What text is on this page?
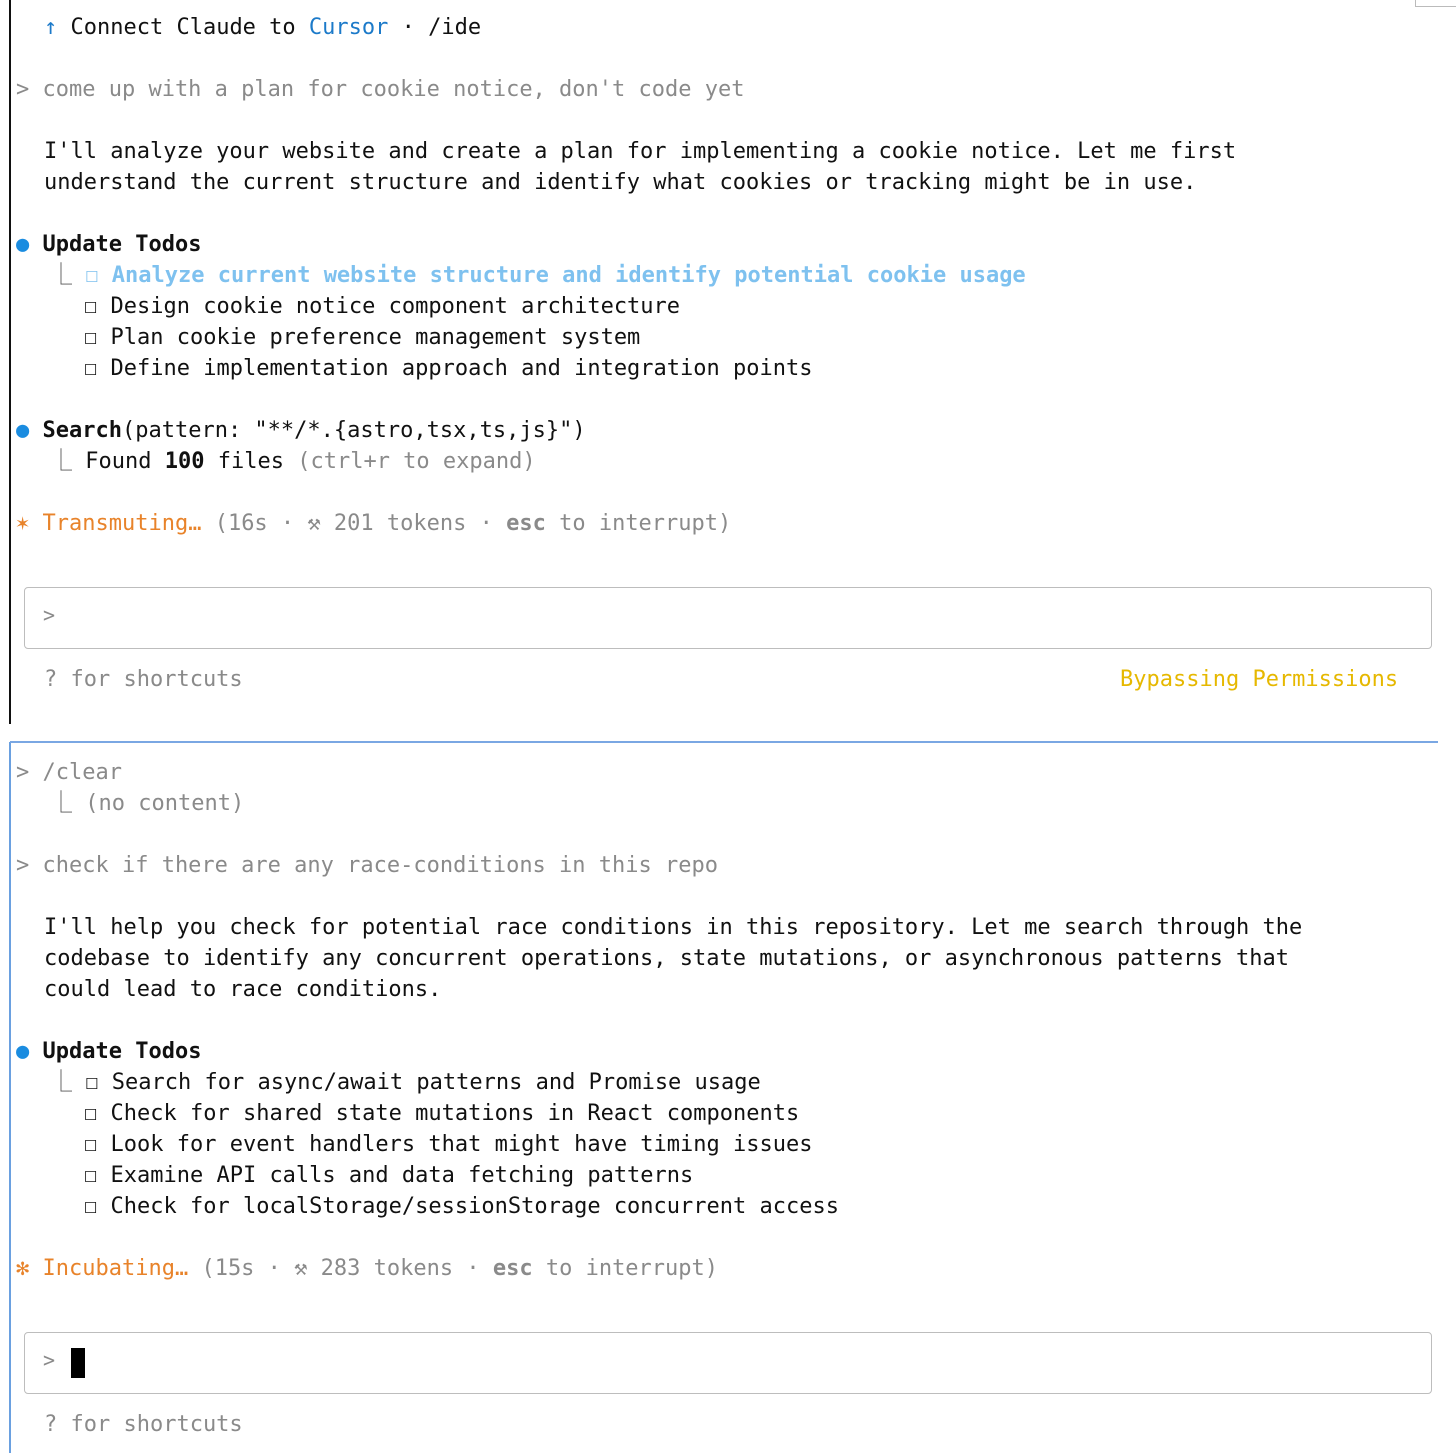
↑ Connect Claude to Cursor · /ide
> come up with a plan for cookie notice, don't code yet
I'll analyze your website and create a plan for implementing a cookie notice. Let me first
understand the current structure and identify what cookies or tracking might be in use.
● Update Todos
⎿ ☐ Analyze current website structure and identify potential cookie usage
☐ Design cookie notice component architecture
☐ Plan cookie preference management system
☐ Define implementation approach and integration points
● Search(pattern: "**/*.{astro,tsx,ts,js}")
⎿ Found 100 files (ctrl+r to expand)
✶ Transmuting… (16s · ⚒ 201 tokens · esc to interrupt)
>
? for shortcuts	Bypassing Permissions
> /clear
⎿ (no content)
> check if there are any race-conditions in this repo
I'll help you check for potential race conditions in this repository. Let me search through the
codebase to identify any concurrent operations, state mutations, or asynchronous patterns that
could lead to race conditions.
● Update Todos
⎿ ☐ Search for async/await patterns and Promise usage
☐ Check for shared state mutations in React components
☐ Look for event handlers that might have timing issues
☐ Examine API calls and data fetching patterns
☐ Check for localStorage/sessionStorage concurrent access
✻ Incubating… (15s · ⚒ 283 tokens · esc to interrupt)
>
? for shortcuts
